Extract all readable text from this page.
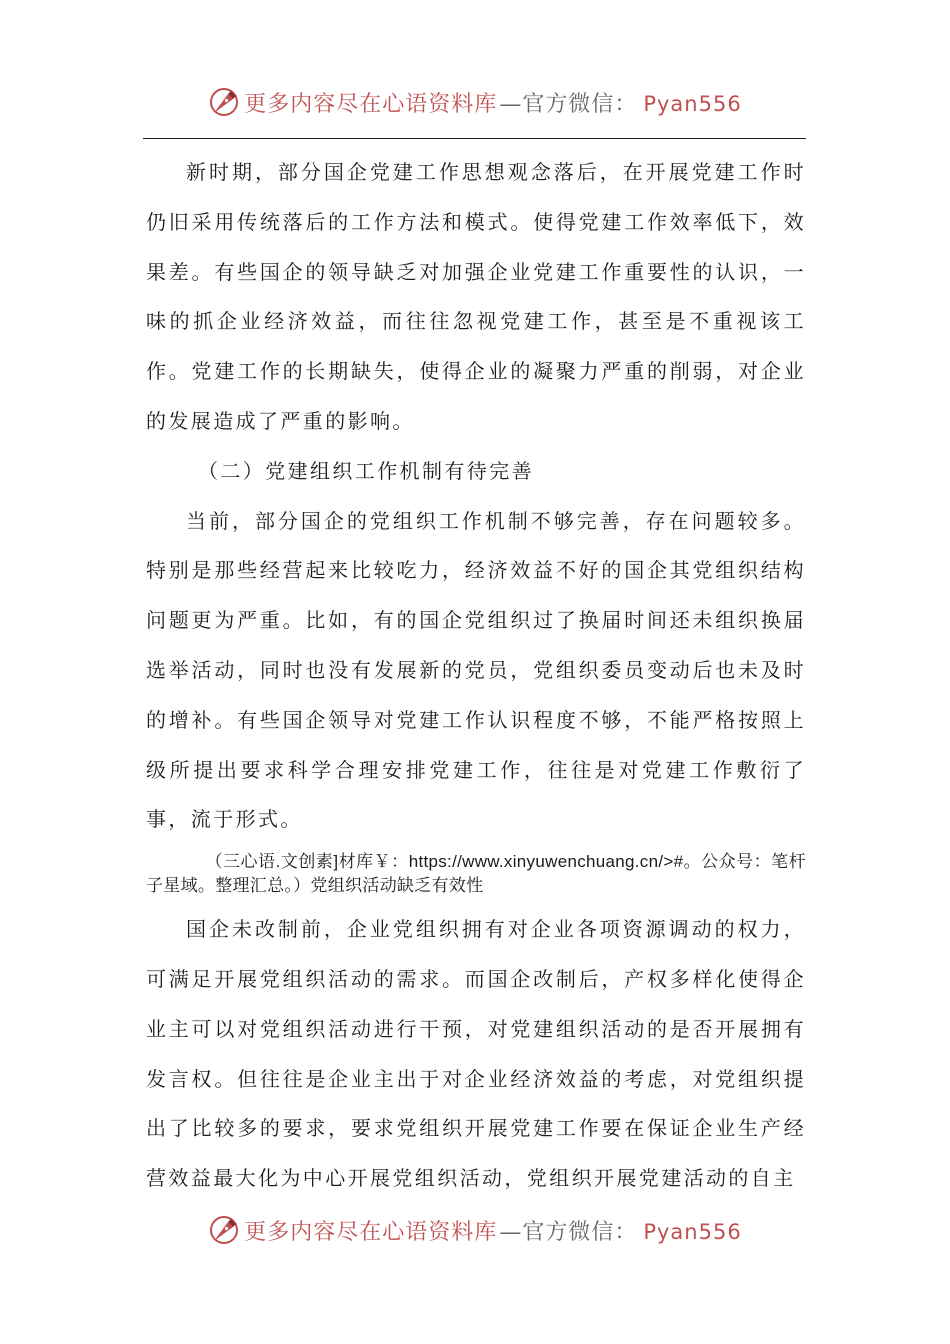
更多内容尽在心语资料库—官方微信： Pyan556

新时期，部分国企党建工作思想观念落后，在开展党建工作时仍旧采用传统落后的工作方法和模式。使得党建工作效率低下，效果差。有些国企的领导缺乏对加强企业党建工作重要性的认识，一味的抓企业经济效益，而往往忽视党建工作，甚至是不重视该工作。党建工作的长期缺失，使得企业的凝聚力严重的削弱，对企业的发展造成了严重的影响。

（二）党建组织工作机制有待完善

当前，部分国企的党组织工作机制不够完善，存在问题较多。特别是那些经营起来比较吃力，经济效益不好的国企其党组织结构问题更为严重。比如，有的国企党组织过了换届时间还未组织换届选举活动，同时也没有发展新的党员，党组织委员变动后也未及时的增补。有些国企领导对党建工作认识程度不够，不能严格按照上级所提出要求科学合理安排党建工作，往往是对党建工作敷衍了事，流于形式。

（三心语.文创素]材库￥：https://www.xinyuwenchuang.cn/>#。公众号：笔杆子星域。整理汇总。）党组织活动缺乏有效性

国企未改制前，企业党组织拥有对企业各项资源调动的权力，可满足开展党组织活动的需求。而国企改制后，产权多样化使得企业主可以对党组织活动进行干预，对党建组织活动的是否开展拥有发言权。但往往是企业主出于对企业经济效益的考虑，对党组织提出了比较多的要求，要求党组织开展党建工作要在保证企业生产经营效益最大化为中心开展党组织活动，党组织开展党建活动的自主

更多内容尽在心语资料库—官方微信： Pyan556
